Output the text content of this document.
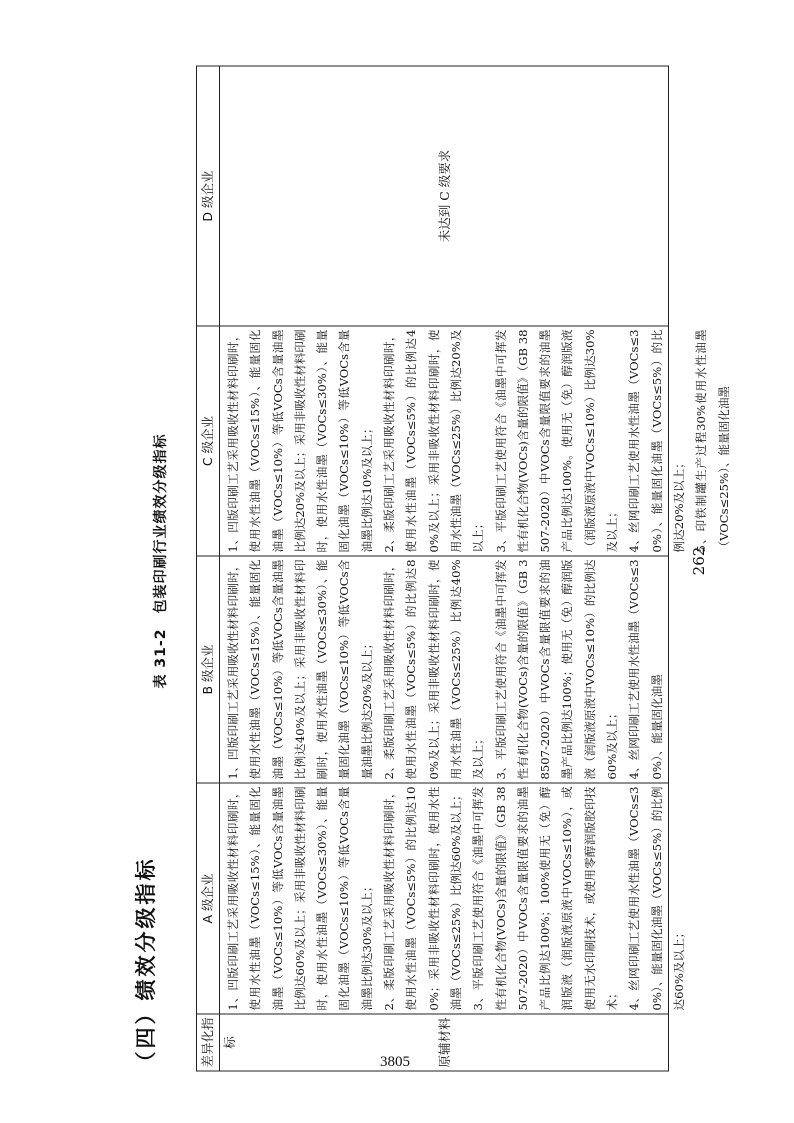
（四）绩效分级指标
表 31-2　包装印刷行业绩效分级指标
差异化指标	原辅材料
A 级企业 1、凹版印刷工艺采用吸收性材料印刷时，使用水性油墨（VOCs≤15%）、能量固化油墨（VOCs≤10%）等低VOCs含量油墨比例达60%及以上；采用非吸收性材料印刷时，使用水性油墨（VOCs≤30%）、能量固化油墨（VOCs≤10%）等低VOCs含量油墨比例达30%及以上； 2、柔版印刷工艺采用吸收性材料印刷时，使用水性油墨（VOCs≤5%）的比例达100%；采用非吸收性材料印刷时，使用水性油墨（VOCs≤25%）比例达60%及以上； 3、平版印刷工艺使用符合《油墨中可挥发性有机化合物(VOCs)含量的限值》（GB 38507-2020）中VOCs含量限值要求的油墨产品比例达100%；100%使用无（免）醇润版液（润版液原液中VOCs≤10%），或使用无水印刷技术，或使用零醇润版胶印技术； 4、丝网印刷工艺使用水性油墨（VOCs≤30%）、能量固化油墨（VOCs≤5%）的比例达60%及以上；

B 级企业 1、凹版印刷工艺采用吸收性材料印刷时，使用水性油墨（VOCs≤15%）、能量固化油墨（VOCs≤10%）等低VOCs含量油墨比例达40%及以上；采用非吸收性材料印刷时，使用水性油墨（VOCs≤30%）、能量固化油墨（VOCs≤10%）等低VOCs含量油墨比例达20%及以上； 2、柔版印刷工艺采用吸收性材料印刷时，使用水性油墨（VOCs≤5%）的比例达80%及以上；采用非吸收性材料印刷时，使用水性油墨（VOCs≤25%）比例达40%及以上； 3、平版印刷工艺使用符合《油墨中可挥发性有机化合物(VOCs)含量的限值》（GB 38507-2020）中VOCs含量限值要求的油墨产品比例达100%；使用无（免）醇润版液（润版液原液中VOCs≤10%）的比例达60%及以上； 4、丝网印刷工艺使用水性油墨（VOCs≤30%）、能量固化油墨

C 级企业 1、凹版印刷工艺采用吸收性材料印刷时，使用水性油墨（VOCs≤15%）、能量固化油墨（VOCs≤10%）等低VOCs含量油墨比例达20%及以上；采用非吸收性材料印刷时，使用水性油墨（VOCs≤30%）、能量固化油墨（VOCs≤10%）等低VOCs含量油墨比例达10%及以上； 2、柔版印刷工艺采用吸收性材料印刷时，使用水性油墨（VOCs≤5%）的比例达40%及以上；采用非吸收性材料印刷时，使用水性油墨（VOCs≤25%）比例达20%及以上； 3、平版印刷工艺使用符合《油墨中可挥发性有机化合物(VOCs)含量的限值》（GB 38507-2020）中VOCs含量限值要求的油墨产品比例达100%。使用无（免）醇润版液（润版液原液中VOCs≤10%）比例达30%及以上； 4、丝网印刷工艺使用水性油墨（VOCs≤30%）、能量固化油墨（VOCs≤5%）的比例达20%及以上； 5、印铁制罐生产过程30%使用水性油墨（VOCs≤25%）、能量固化油墨

D 级企业	未达到 C 级要求
262
3805
